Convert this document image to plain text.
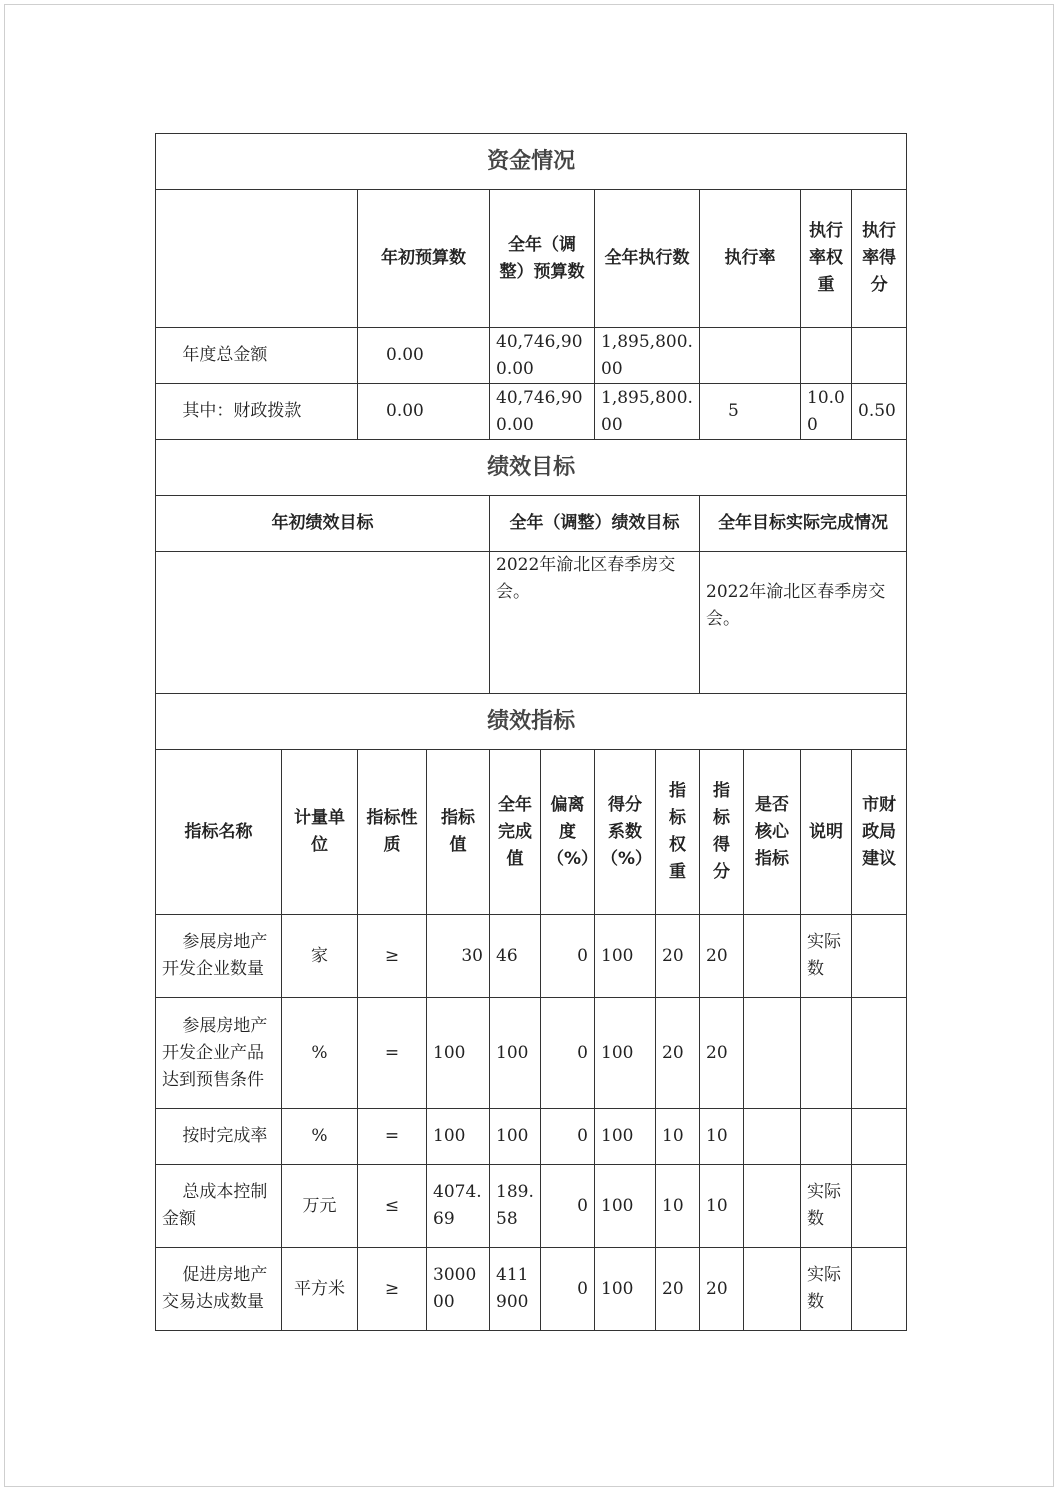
资金情况											
		年初预算数		全年（调整）预算数		全年执行数		执行率		执行率权重	执行率得分
年度总金额		0.00		40,746,900.00		1,895,800.00					
其中：财政拨款		0.00		40,746,900.00		1,895,800.00		5		10.00	0.50
绩效目标											
年初绩效目标				全年（调整）绩效目标				全年目标实际完成情况			
				2022年渝北区春季房交会。				2022年渝北区春季房交会。			
绩效指标											
指标名称	计量单位	指标性质	指标值	全年完成值	偏离度（%）	得分系数（%）	指标权重	指标得分	是否核心指标	说明	市财政局建议
参展房地产开发企业数量	家	≥	30	46	0	100	20	20		实际数	
参展房地产开发企业产品达到预售条件	%	=	100	100	0	100	20	20			
按时完成率	%	=	100	100	0	100	10	10			
总成本控制金额	万元	≤	4074.69	189.58	0	100	10	10		实际数	
促进房地产交易达成数量	平方米	≥	300000	411900	0	100	20	20		实际数	
